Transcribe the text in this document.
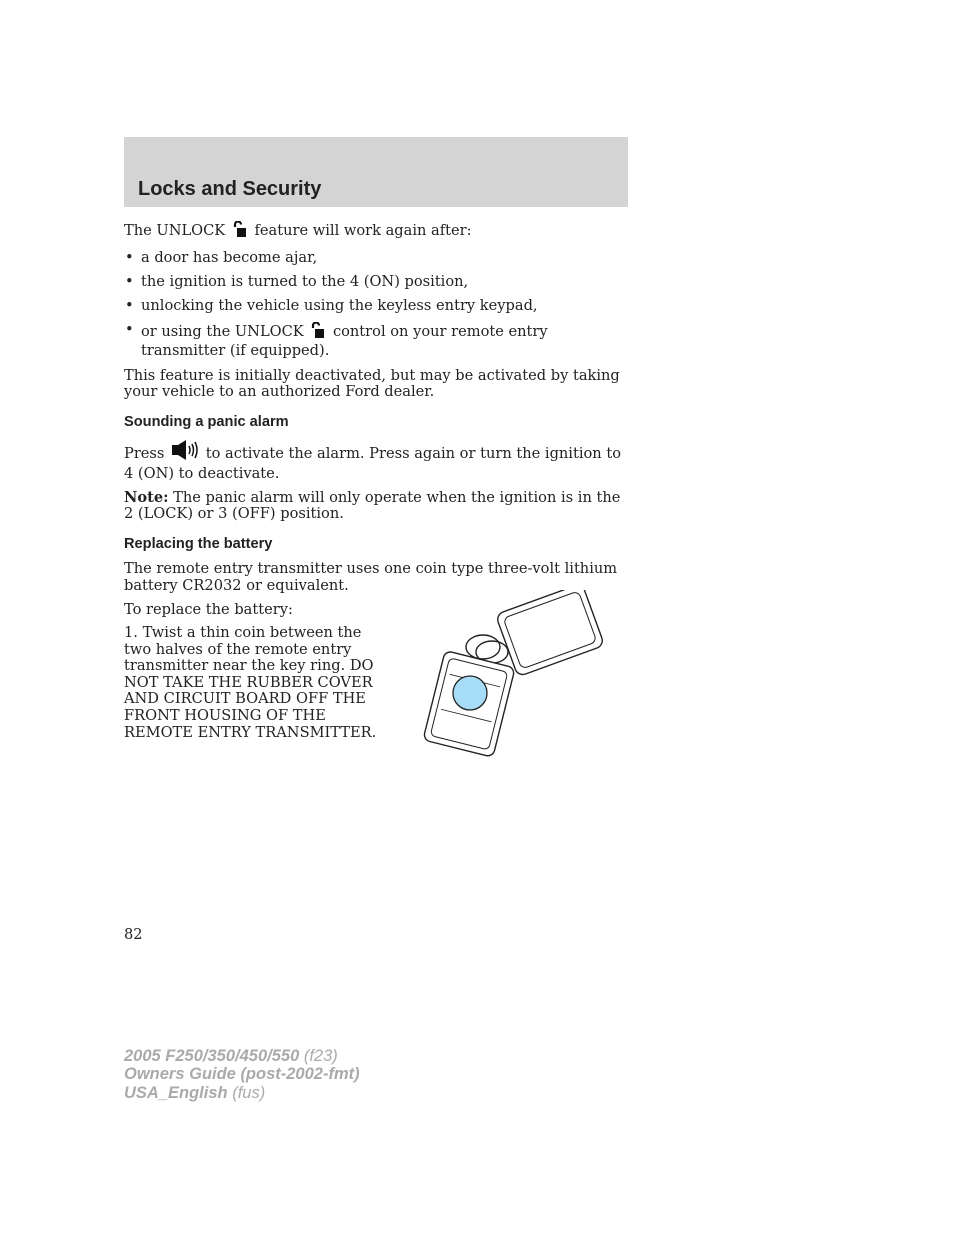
Locks and Security

The UNLOCK feature will work again after:

• a door has become ajar,
• the ignition is turned to the 4 (ON) position,
• unlocking the vehicle using the keyless entry keypad,
• or using the UNLOCK control on your remote entry transmitter (if equipped).

This feature is initially deactivated, but may be activated by taking your vehicle to an authorized Ford dealer.

Sounding a panic alarm

Press	to activate the alarm. Press again or turn the ignition to 4 (ON) to deactivate.

Note: The panic alarm will only operate when the ignition is in the 2 (LOCK) or 3 (OFF) position.

Replacing the battery

The remote entry transmitter uses one coin type three-volt lithium battery CR2032 or equivalent.

To replace the battery:

1. Twist a thin coin between the two halves of the remote entry transmitter near the key ring. DO NOT TAKE THE RUBBER COVER AND CIRCUIT BOARD OFF THE FRONT HOUSING OF THE REMOTE ENTRY TRANSMITTER.

82
2005 F250/350/450/550 (f23)
Owners Guide (post-2002-fmt)
USA_English (fus)
